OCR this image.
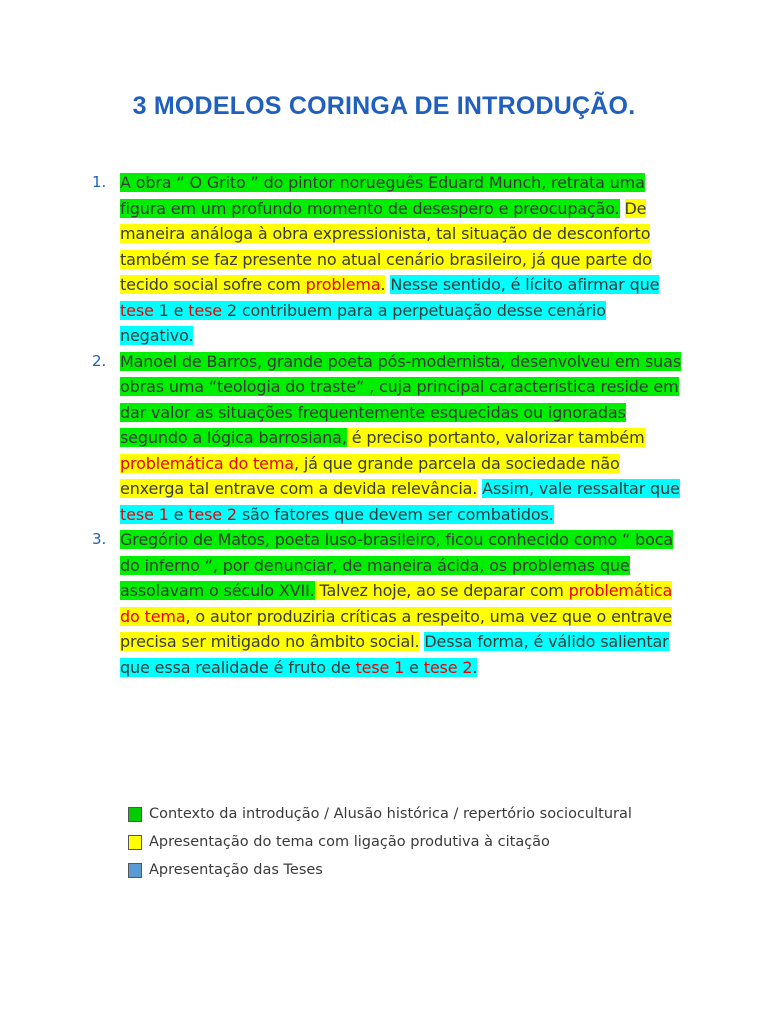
3 MODELOS CORINGA DE INTRODUÇÃO.
1. A obra “ O Grito ” do pintor norueguês Eduard Munch, retrata uma figura em um profundo momento de desespero e preocupação. De maneira análoga à obra expressionista, tal situação de desconforto também se faz presente no atual cenário brasileiro, já que parte do tecido social sofre com problema. Nesse sentido, é lícito afirmar que tese 1 e tese 2 contribuem para a perpetuação desse cenário negativo.
2. Manoel de Barros, grande poeta pós-modernista, desenvolveu em suas obras uma “teologia do traste“ , cuja principal característica reside em dar valor as situações frequentemente esquecidas ou ignoradas segundo a lógica barrosiana, é preciso portanto, valorizar também problemática do tema, já que grande parcela da sociedade não enxerga tal entrave com a devida relevância. Assim, vale ressaltar que tese 1 e tese 2 são fatores que devem ser combatidos.
3. Gregório de Matos, poeta luso-brasileiro, ficou conhecido como “ boca do inferno “, por denunciar, de maneira ácida, os problemas que assolavam o século XVII. Talvez hoje, ao se deparar com problemática do tema, o autor produziria críticas a respeito, uma vez que o entrave precisa ser mitigado no âmbito social. Dessa forma, é válido salientar que essa realidade é fruto de tese 1 e tese 2.
Contexto da introdução / Alusão histórica / repertório sociocultural
Apresentação do tema com ligação produtiva à citação
Apresentação das Teses
